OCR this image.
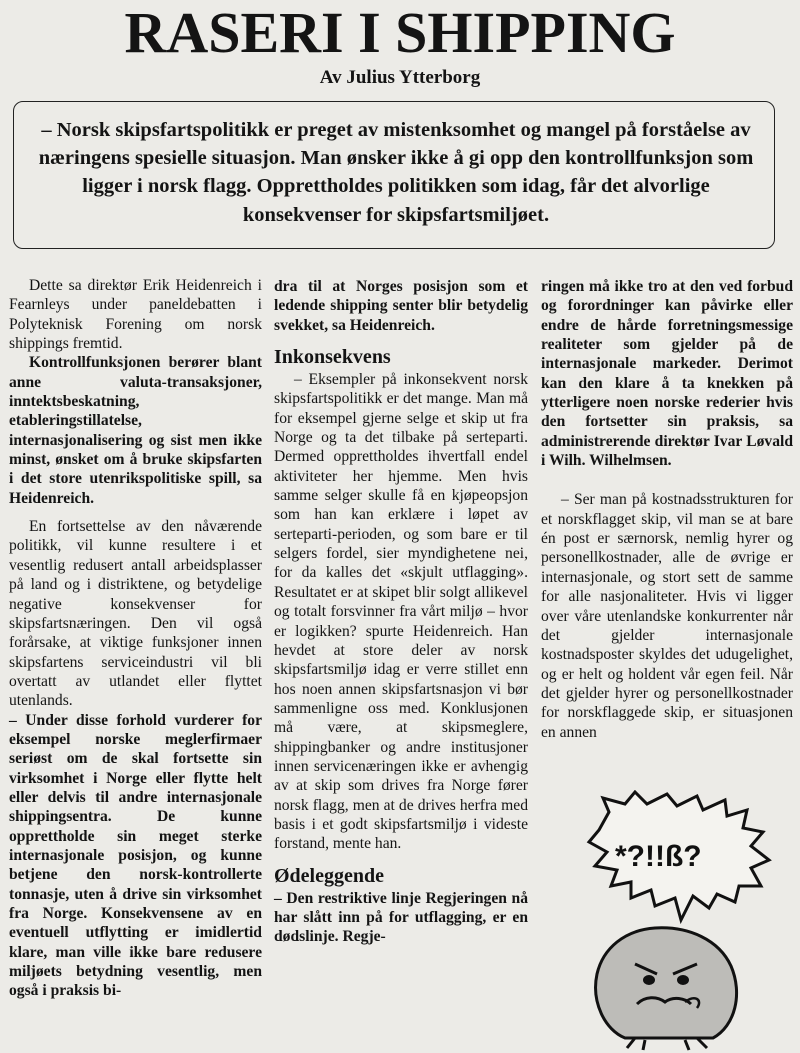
RASERI I SHIPPING
Av Julius Ytterborg

– Norsk skipsfartspolitikk er preget av mistenksomhet og mangel på forståelse av næringens spesielle situasjon. Man ønsker ikke å gi opp den kontrollfunksjon som ligger i norsk flagg. Opprettholdes politikken som idag, får det alvorlige konsekvenser for skipsfartsmiljøet.

Dette sa direktør Erik Heidenreich i Fearnleys under paneldebatten i Polyteknisk Forening om norsk shippings fremtid.

Kontrollfunksjonen berører blant anne valuta-transaksjoner, inntektsbeskatning, etableringstillatelse, internasjonalisering og sist men ikke minst, ønsket om å bruke skipsfarten i det store utenrikspolitiske spill, sa Heidenreich.

En fortsettelse av den nåværende politikk, vil kunne resultere i et vesentlig redusert antall arbeidsplasser på land og i distriktene, og betydelige negative konsekvenser for skipsfartsnæringen. Den vil også forårsake, at viktige funksjoner innen skipsfartens serviceindustri vil bli overtatt av utlandet eller flyttet utenlands.

– Under disse forhold vurderer for eksempel norske meglerfirmaer seriøst om de skal fortsette sin virksomhet i Norge eller flytte helt eller delvis til andre internasjonale shippingsentra. De kunne opprettholde sin meget sterke internasjonale posisjon, og kunne betjene den norsk-kontrollerte tonnasje, uten å drive sin virksomhet fra Norge. Konsekvensene av en eventuell utflytting er imidlertid klare, man ville ikke bare redusere miljøets betydning vesentlig, men også i praksis bi-

dra til at Norges posisjon som et ledende shipping senter blir betydelig svekket, sa Heidenreich.

Inkonsekvens

– Eksempler på inkonsekvent norsk skipsfartspolitikk er det mange. Man må for eksempel gjerne selge et skip ut fra Norge og ta det tilbake på serteparti. Dermed opprettholdes ihvertfall endel aktiviteter her hjemme. Men hvis samme selger skulle få en kjøpeopsjon som han kan erklære i løpet av serteparti-perioden, og som bare er til selgers fordel, sier myndighetene nei, for da kalles det «skjult utflagging». Resultatet er at skipet blir solgt allikevel og totalt forsvinner fra vårt miljø – hvor er logikken? spurte Heidenreich. Han hevdet at store deler av norsk skipsfartsmiljø idag er verre stillet enn hos noen annen skipsfartsnasjon vi bør sammenligne oss med. Konklusjonen må være, at skipsmeglere, shippingbanker og andre institusjoner innen servicenæringen ikke er avhengig av at skip som drives fra Norge fører norsk flagg, men at de drives herfra med basis i et godt skipsfartsmiljø i videste forstand, mente han.

Ødeleggende

– Den restriktive linje Regjeringen nå har slått inn på for utflagging, er en dødslinje. Regje-

ringen må ikke tro at den ved forbud og forordninger kan påvirke eller endre de hårde forretningsmessige realiteter som gjelder på de internasjonale markeder. Derimot kan den klare å ta knekken på ytterligere noen norske rederier hvis den fortsetter sin praksis, sa administrerende direktør Ivar Løvald i Wilh. Wilhelmsen.

– Ser man på kostnadsstrukturen for et norskflagget skip, vil man se at bare én post er særnorsk, nemlig hyrer og personellkostnader, alle de øvrige er internasjonale, og stort sett de samme for alle nasjonaliteter. Hvis vi ligger over våre utenlandske konkurrenter når det gjelder internasjonale kostnadsposter skyldes det udugelighet, og er helt og holdent vår egen feil. Når det gjelder hyrer og personellkostnader for norskflaggede skip, er situasjonen en annen

*?!!ß?
